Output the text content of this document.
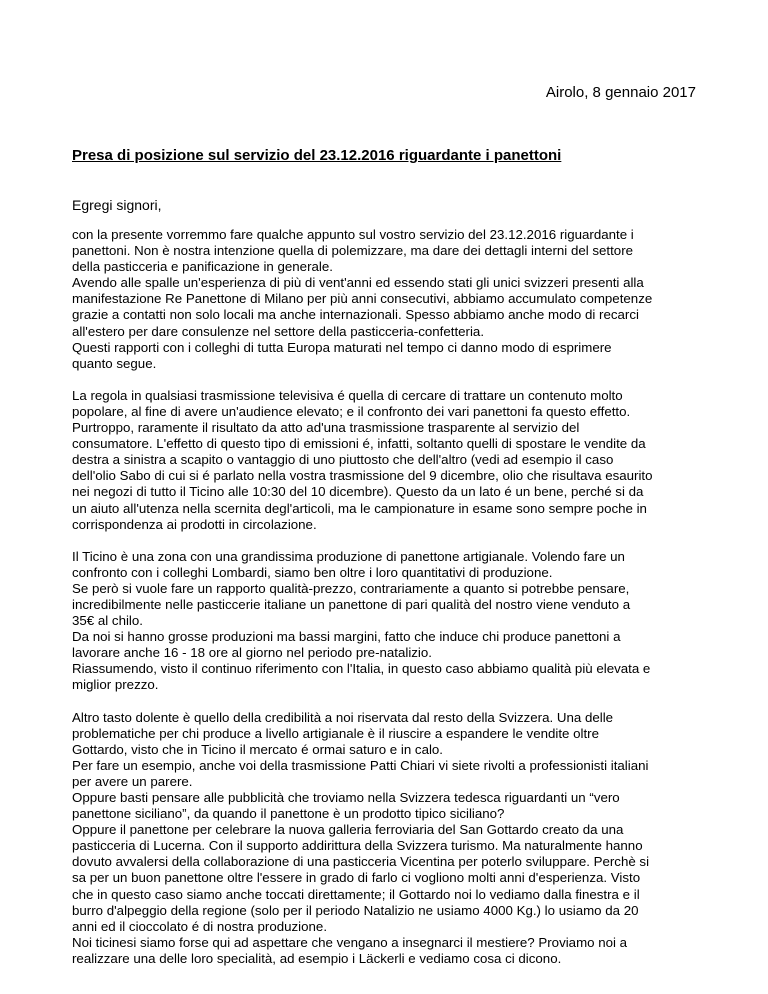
Airolo, 8 gennaio 2017
Presa di posizione sul servizio del 23.12.2016 riguardante i panettoni
Egregi signori,

con la presente vorremmo fare qualche appunto sul vostro servizio del 23.12.2016 riguardante i
panettoni. Non è nostra intenzione quella di polemizzare, ma dare dei dettagli interni del settore
della pasticceria e panificazione in generale.
Avendo alle spalle un'esperienza di più di vent'anni ed essendo stati gli unici svizzeri presenti alla
manifestazione Re Panettone di Milano per più anni consecutivi, abbiamo accumulato competenze
grazie a contatti non solo locali ma anche internazionali. Spesso abbiamo anche modo di recarci
all'estero per dare consulenze nel settore della pasticceria-confetteria.
Questi rapporti con i colleghi di tutta Europa maturati nel tempo ci danno modo di esprimere
quanto segue.

La regola in qualsiasi trasmissione televisiva é quella di cercare di trattare un contenuto molto
popolare, al fine di avere un'audience elevato; e il confronto dei vari panettoni fa questo effetto.
Purtroppo, raramente il risultato da atto ad'una trasmissione trasparente al servizio del
consumatore. L'effetto di questo tipo di emissioni é, infatti, soltanto quelli di spostare le vendite da
destra a sinistra a scapito o vantaggio di uno piuttosto che dell'altro (vedi ad esempio il caso
dell'olio Sabo di cui si é parlato nella vostra trasmissione del 9 dicembre, olio che risultava esaurito
nei negozi di tutto il Ticino alle 10:30 del 10 dicembre). Questo da un lato é un bene, perché si da
un aiuto all'utenza nella scernita degl'articoli, ma le campionature in esame sono sempre poche in
corrispondenza ai prodotti in circolazione.

Il Ticino è una zona con una grandissima produzione di panettone artigianale. Volendo fare un
confronto con i colleghi Lombardi, siamo ben oltre i loro quantitativi di produzione.
Se però si vuole fare un rapporto qualità-prezzo, contrariamente a quanto si potrebbe pensare,
incredibilmente nelle pasticcerie italiane un panettone di pari qualità del nostro viene venduto a
35€ al chilo.
Da noi si hanno grosse produzioni ma bassi margini, fatto che induce chi produce panettoni a
lavorare anche 16 - 18 ore al giorno nel periodo pre-natalizio.
Riassumendo, visto il continuo riferimento con l'Italia, in questo caso abbiamo qualità più elevata e
miglior prezzo.

Altro tasto dolente è quello della credibilità a noi riservata dal resto della Svizzera. Una delle
problematiche per chi produce a livello artigianale è il riuscire a espandere le vendite oltre
Gottardo, visto che in Ticino il mercato é ormai saturo e in calo.
Per fare un esempio, anche voi della trasmissione Patti Chiari vi siete rivolti a professionisti italiani
per avere un parere.
Oppure basti pensare alle pubblicità che troviamo nella Svizzera tedesca riguardanti un “vero
panettone siciliano”, da quando il panettone è un prodotto tipico siciliano?
Oppure il panettone per celebrare la nuova galleria ferroviaria del San Gottardo creato da una
pasticceria di Lucerna. Con il supporto addirittura della Svizzera turismo. Ma naturalmente hanno
dovuto avvalersi della collaborazione di una pasticceria Vicentina per poterlo sviluppare. Perchè si
sa per un buon panettone oltre l'essere in grado di farlo ci vogliono molti anni d'esperienza. Visto
che in questo caso siamo anche toccati direttamente; il Gottardo noi lo vediamo dalla finestra e il
burro d'alpeggio della regione (solo per il periodo Natalizio ne usiamo 4000 Kg.) lo usiamo da 20
anni ed il cioccolato é di nostra produzione.
Noi ticinesi siamo forse qui ad aspettare che vengano a insegnarci il mestiere? Proviamo noi a
realizzare una delle loro specialità, ad esempio i Läckerli e vediamo cosa ci dicono.
